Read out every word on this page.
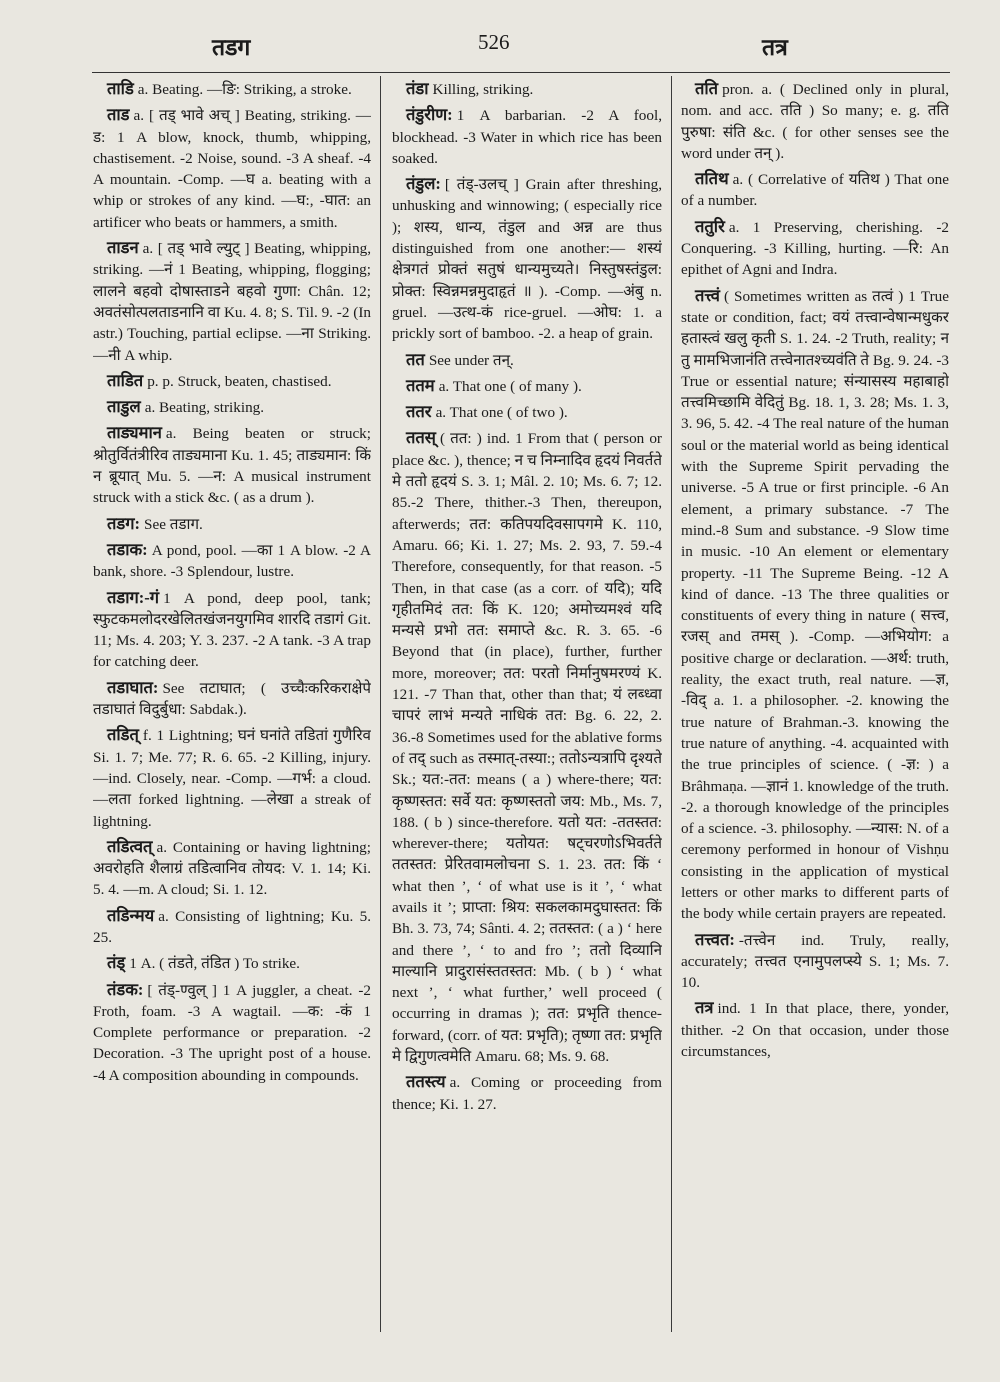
तडग	526	तत्र

ताडि a. Beating. —ङि: Striking, a stroke.

ताड a. [ तड् भावे अच् ] Beating, striking. —ड: 1 A blow, knock, thumb, whipping, chastisement. -2 Noise, sound. -3 A sheaf. -4 A mountain. -Comp. —घ a. beating with a whip or strokes of any kind. —घ:, -घात: an artificer who beats or hammers, a smith.

ताडन a. [ तड् भावे ल्युट् ] Beating, whipping, striking. —नं 1 Beating, whipping, flogging; लालने बहवो दोषास्ताडने बहवो गुणा: Chân. 12; अवतंसोत्पलताडनानि वा Ku. 4. 8; S. Til. 9. -2 (In astr.) Touching, partial eclipse. —ना Striking. —नी A whip.

ताडित p. p. Struck, beaten, chastised.

ताडुल a. Beating, striking.

ताड्यमान a. Being beaten or struck; श्रोतुर्वितंत्रीरिव ताड्यमाना Ku. 1. 45; ताड्यमान: किं न ब्रूयात् Mu. 5. —न: A musical instrument struck with a stick &c. ( as a drum ).

तडग: See तडाग.

तडाक: A pond, pool. —का 1 A blow. -2 A bank, shore. -3 Splendour, lustre.

तडाग:-गं 1 A pond, deep pool, tank; स्फुटकमलोदरखेलितखंजनयुगमिव शारदि तडागं Git. 11; Ms. 4. 203; Y. 3. 237. -2 A tank. -3 A trap for catching deer.

तडाघात: See तटाघात; ( उच्चैःकरिकराक्षेपे तडाघातं विदुर्बुधा: Sabdak.).

तडित् f. 1 Lightning; घनं घनांते तडितां गुणैरिव Si. 1. 7; Me. 77; R. 6. 65. -2 Killing, injury. —ind. Closely, near. -Comp. —गर्भ: a cloud. —लता forked lightning. —लेखा a streak of lightning.

तडित्वत् a. Containing or having lightning; अवरोहति शैलाग्रं तडित्वानिव तोयद: V. 1. 14; Ki. 5. 4. —m. A cloud; Si. 1. 12.

तडिन्मय a. Consisting of lightning; Ku. 5. 25.

तंड् 1 A. ( तंडते, तंडित ) To strike.

तंडक: [ तंड्-ण्वुल् ] 1 A juggler, a cheat. -2 Froth, foam. -3 A wagtail. —क: -कं 1 Complete performance or preparation. -2 Decoration. -3 The upright post of a house. -4 A composition abounding in compounds.

तंडा Killing, striking.

तंडुरीण: 1 A barbarian. -2 A fool, blockhead. -3 Water in which rice has been soaked.

तंडुल: [ तंड्-उलच् ] Grain after threshing, unhusking and winnowing; ( especially rice ); शस्य, धान्य, तंडुल and अन्न are thus distinguished from one another:— शस्यं क्षेत्रगतं प्रोक्तं सतुषं धान्यमुच्यते। निस्तुषस्तंडुल: प्रोक्त: स्विन्नमन्नमुदाहृतं ॥ ). -Comp. —अंबु n. gruel. —उत्थ-कं rice-gruel. —ओघ: 1. a prickly sort of bamboo. -2. a heap of grain.

तत See under तन्.

ततम a. That one ( of many ).

ततर a. That one ( of two ).

ततस् ( तत: ) ind. 1 From that ( person or place &c. ), thence; न च निम्नादिव हृदयं निवर्तते मे ततो हृदयं S. 3. 1; Mâl. 2. 10; Ms. 6. 7; 12. 85.-2 There, thither.-3 Then, thereupon, afterwerds; तत: कतिपयदिवसापगमे K. 110, Amaru. 66; Ki. 1. 27; Ms. 2. 93, 7. 59.-4 Therefore, consequently, for that reason. -5 Then, in that case (as a corr. of यदि); यदि गृहीतमिदं तत: किं K. 120; अमोच्यमश्वं यदि मन्यसे प्रभो तत: समाप्ते &c. R. 3. 65. -6 Beyond that (in place), further, further more, moreover; तत: परतो निर्मानुषमरण्यं K. 121. -7 Than that, other than that; यं लब्ध्वा चापरं लाभं मन्यते नाधिकं तत: Bg. 6. 22, 2. 36.-8 Sometimes used for the ablative forms of तद् such as तस्मात्-तस्या:; ततोऽन्यत्रापि दृश्यते Sk.; यत:-तत: means ( a ) where-there; यत: कृष्णस्तत: सर्वे यत: कृष्णस्ततो जय: Mb., Ms. 7, 188. ( b ) since-therefore. यतो यत: -ततस्तत: wherever-there; यतोयत: षट्चरणोऽभिवर्तते ततस्तत: प्रेरितवामलोचना S. 1. 23. तत: किं ‘ what then ’, ‘ of what use is it ’, ‘ what avails it ’; प्राप्ता: श्रिय: सकलकामदुघास्तत: किं Bh. 3. 73, 74; Sânti. 4. 2; ततस्तत: ( a ) ‘ here and there ’, ‘ to and fro ’; ततो दिव्यानि माल्यानि प्रादुरासंस्ततस्तत: Mb. ( b ) ‘ what next ’, ‘ what further,’ well proceed ( occurring in dramas ); तत: प्रभृति thence-forward, (corr. of यत: प्रभृति); तृष्णा तत: प्रभृति मे द्विगुणत्वमेति Amaru. 68; Ms. 9. 68.

ततस्त्य a. Coming or proceeding from thence; Ki. 1. 27.

तति pron. a. ( Declined only in plural, nom. and acc. तति ) So many; e. g. तति पुरुषा: संति &c. ( for other senses see the word under तन् ).

ततिथ a. ( Correlative of यतिथ ) That one of a number.

ततुरि a. 1 Preserving, cherishing. -2 Conquering. -3 Killing, hurting. —रि: An epithet of Agni and Indra.

तत्त्वं ( Sometimes written as तत्वं ) 1 True state or condition, fact; वयं तत्त्वान्वेषान्मधुकर हतास्त्वं खलु कृती S. 1. 24. -2 Truth, reality; न तु मामभिजानंति तत्त्वेनातश्च्यवंति ते Bg. 9. 24. -3 True or essential nature; संन्यासस्य महाबाहो तत्त्वमिच्छामि वेदितुं Bg. 18. 1, 3. 28; Ms. 1. 3, 3. 96, 5. 42. -4 The real nature of the human soul or the material world as being identical with the Supreme Spirit pervading the universe. -5 A true or first principle. -6 An element, a primary substance. -7 The mind.-8 Sum and substance. -9 Slow time in music. -10 An element or elementary property. -11 The Supreme Being. -12 A kind of dance. -13 The three qualities or constituents of every thing in nature ( सत्त्व, रजस् and तमस् ). -Comp. —अभियोग: a positive charge or declaration. —अर्थ: truth, reality, the exact truth, real nature. —ज्ञ, -विद् a. 1. a philosopher. -2. knowing the true nature of Brahman.-3. knowing the true nature of anything. -4. acquainted with the true principles of science. ( -ज्ञ: ) a Brâhmaṇa. —ज्ञानं 1. knowledge of the truth. -2. a thorough knowledge of the principles of a science. -3. philosophy. —न्यास: N. of a ceremony performed in honour of Vishṇu consisting in the application of mystical letters or other marks to different parts of the body while certain prayers are repeated.

तत्त्वत: -तत्त्वेन ind. Truly, really, accurately; तत्त्वत एनामुपलप्स्ये S. 1; Ms. 7. 10.

तत्र ind. 1 In that place, there, yonder, thither. -2 On that occasion, under those circumstances,
